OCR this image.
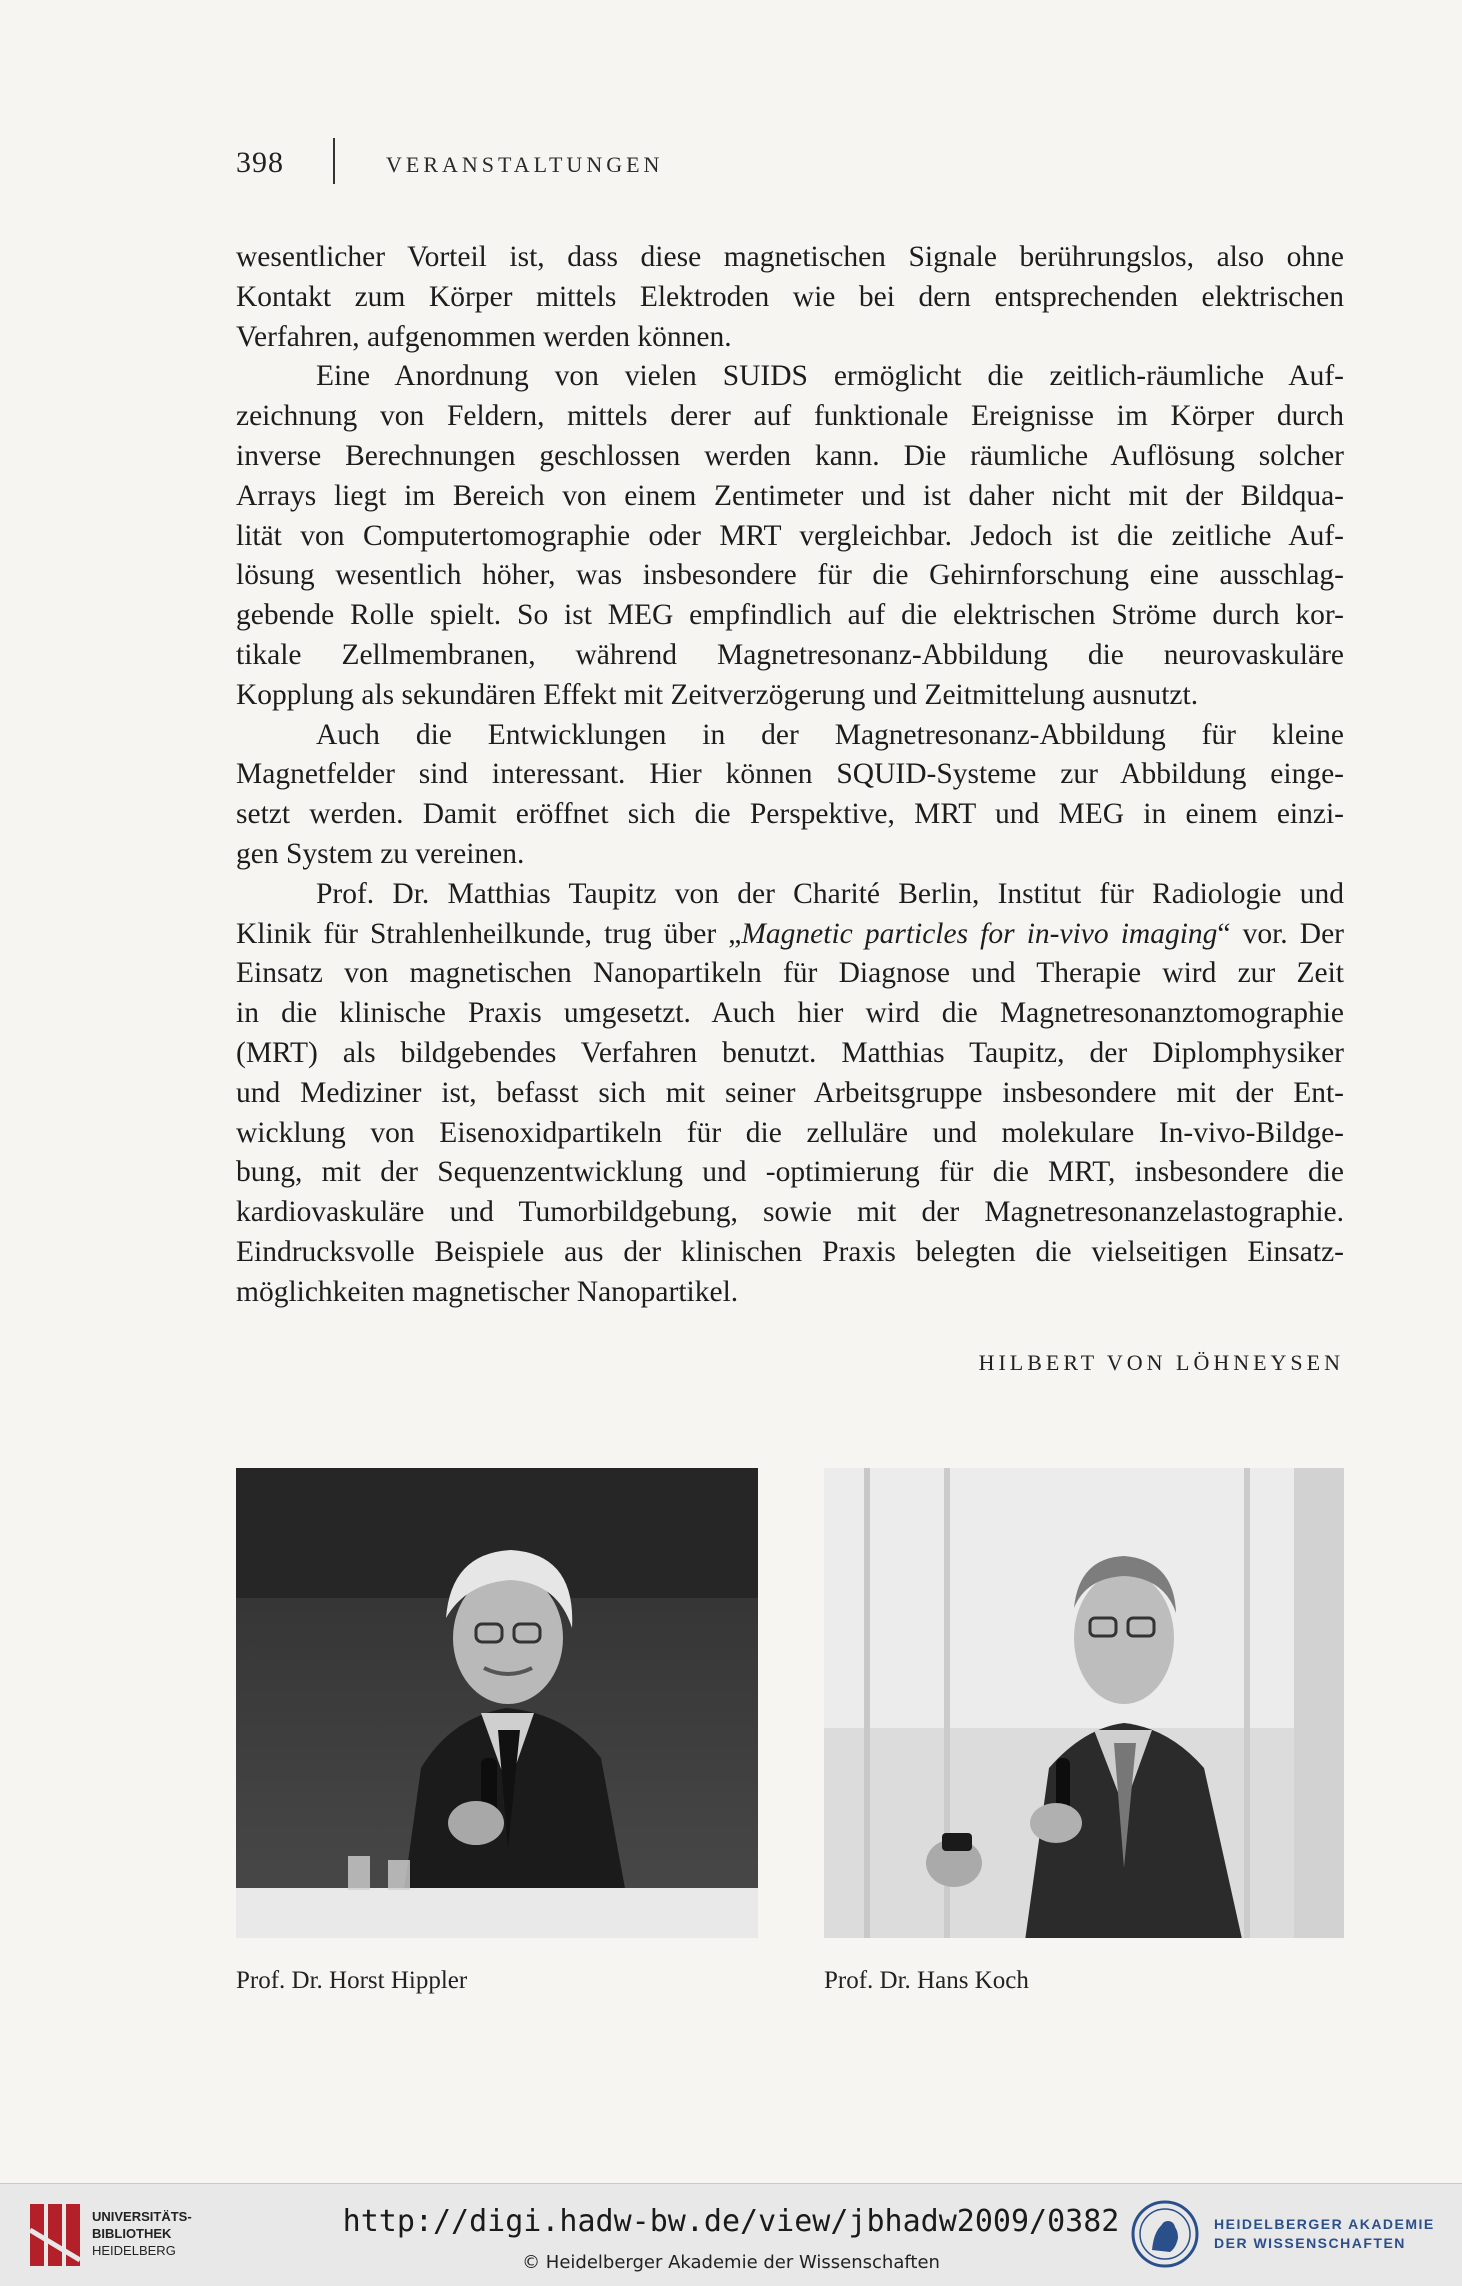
398	VERANSTALTUNGEN
wesentlicher Vorteil ist, dass diese magnetischen Signale berührungslos, also ohne
Kontakt zum Körper mittels Elektroden wie bei dern entsprechenden elektrischen
Verfahren, aufgenommen werden können.
Eine Anordnung von vielen SUIDS ermöglicht die zeitlich-räumliche Auf-
zeichnung von Feldern, mittels derer auf funktionale Ereignisse im Körper durch
inverse Berechnungen geschlossen werden kann. Die räumliche Auflösung solcher
Arrays liegt im Bereich von einem Zentimeter und ist daher nicht mit der Bildqua-
lität von Computertomographie oder MRT vergleichbar. Jedoch ist die zeitliche Auf-
lösung wesentlich höher, was insbesondere für die Gehirnforschung eine ausschlag-
gebende Rolle spielt. So ist MEG empfindlich auf die elektrischen Ströme durch kor-
tikale Zellmembranen, während Magnetresonanz-Abbildung die neurovaskuläre
Kopplung als sekundären Effekt mit Zeitverzögerung und Zeitmittelung ausnutzt.
Auch die Entwicklungen in der Magnetresonanz-Abbildung für kleine
Magnetfelder sind interessant. Hier können SQUID-Systeme zur Abbildung einge-
setzt werden. Damit eröffnet sich die Perspektive, MRT und MEG in einem einzi-
gen System zu vereinen.
Prof. Dr. Matthias Taupitz von der Charité Berlin, Institut für Radiologie und
Klinik für Strahlenheilkunde, trug über „Magnetic particles for in-vivo imaging“ vor. Der
Einsatz von magnetischen Nanopartikeln für Diagnose und Therapie wird zur Zeit
in die klinische Praxis umgesetzt. Auch hier wird die Magnetresonanztomographie
(MRT) als bildgebendes Verfahren benutzt. Matthias Taupitz, der Diplomphysiker
und Mediziner ist, befasst sich mit seiner Arbeitsgruppe insbesondere mit der Ent-
wicklung von Eisenoxidpartikeln für die zelluläre und molekulare In-vivo-Bildge-
bung, mit der Sequenzentwicklung und -optimierung für die MRT, insbesondere die
kardiovaskuläre und Tumorbildgebung, sowie mit der Magnetresonanzelastographie.
Eindrucksvolle Beispiele aus der klinischen Praxis belegten die vielseitigen Einsatz-
möglichkeiten magnetischer Nanopartikel.
HILBERT VON LÖHNEYSEN
Prof. Dr. Horst Hippler	Prof. Dr. Hans Koch
UNIVERSITÄTS-
BIBLIOTHEK
HEIDELBERG
http://digi.hadw-bw.de/view/jbhadw2009/0382
© Heidelberger Akademie der Wissenschaften
HEIDELBERGER AKADEMIE
DER WISSENSCHAFTEN
